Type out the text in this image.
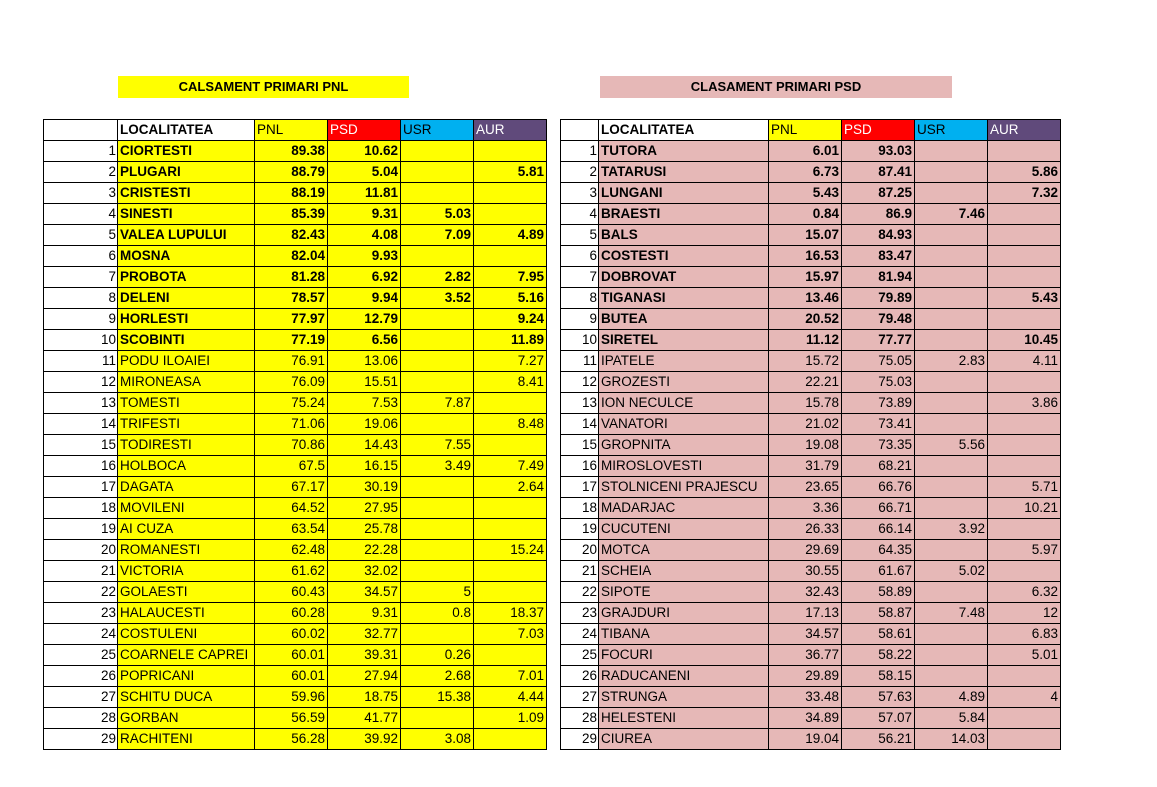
CALSAMENT PRIMARI PNL	CLASAMENT PRIMARI PSD
	LOCALITATEA	PNL	PSD	USR	AUR
1	CIORTESTI	89.38	10.62		
2	PLUGARI	88.79	5.04		5.81
3	CRISTESTI	88.19	11.81		
4	SINESTI	85.39	9.31	5.03	
5	VALEA LUPULUI	82.43	4.08	7.09	4.89
6	MOSNA	82.04	9.93		
7	PROBOTA	81.28	6.92	2.82	7.95
8	DELENI	78.57	9.94	3.52	5.16
9	HORLESTI	77.97	12.79		9.24
10	SCOBINTI	77.19	6.56		11.89
11	PODU ILOAIEI	76.91	13.06		7.27
12	MIRONEASA	76.09	15.51		8.41
13	TOMESTI	75.24	7.53	7.87	
14	TRIFESTI	71.06	19.06		8.48
15	TODIRESTI	70.86	14.43	7.55	
16	HOLBOCA	67.5	16.15	3.49	7.49
17	DAGATA	67.17	30.19		2.64
18	MOVILENI	64.52	27.95		
19	AI CUZA	63.54	25.78		
20	ROMANESTI	62.48	22.28		15.24
21	VICTORIA	61.62	32.02		
22	GOLAESTI	60.43	34.57	5	
23	HALAUCESTI	60.28	9.31	0.8	18.37
24	COSTULENI	60.02	32.77		7.03
25	COARNELE CAPREI	60.01	39.31	0.26	
26	POPRICANI	60.01	27.94	2.68	7.01
27	SCHITU DUCA	59.96	18.75	15.38	4.44
28	GORBAN	56.59	41.77		1.09
29	RACHITENI	56.28	39.92	3.08	
	LOCALITATEA	PNL	PSD	USR	AUR
1	TUTORA	6.01	93.03		
2	TATARUSI	6.73	87.41		5.86
3	LUNGANI	5.43	87.25		7.32
4	BRAESTI	0.84	86.9	7.46	
5	BALS	15.07	84.93		
6	COSTESTI	16.53	83.47		
7	DOBROVAT	15.97	81.94		
8	TIGANASI	13.46	79.89		5.43
9	BUTEA	20.52	79.48		
10	SIRETEL	11.12	77.77		10.45
11	IPATELE	15.72	75.05	2.83	4.11
12	GROZESTI	22.21	75.03		
13	ION NECULCE	15.78	73.89		3.86
14	VANATORI	21.02	73.41		
15	GROPNITA	19.08	73.35	5.56	
16	MIROSLOVESTI	31.79	68.21		
17	STOLNICENI PRAJESCU	23.65	66.76		5.71
18	MADARJAC	3.36	66.71		10.21
19	CUCUTENI	26.33	66.14	3.92	
20	MOTCA	29.69	64.35		5.97
21	SCHEIA	30.55	61.67	5.02	
22	SIPOTE	32.43	58.89		6.32
23	GRAJDURI	17.13	58.87	7.48	12
24	TIBANA	34.57	58.61		6.83
25	FOCURI	36.77	58.22		5.01
26	RADUCANENI	29.89	58.15		
27	STRUNGA	33.48	57.63	4.89	4
28	HELESTENI	34.89	57.07	5.84	
29	CIUREA	19.04	56.21	14.03	
